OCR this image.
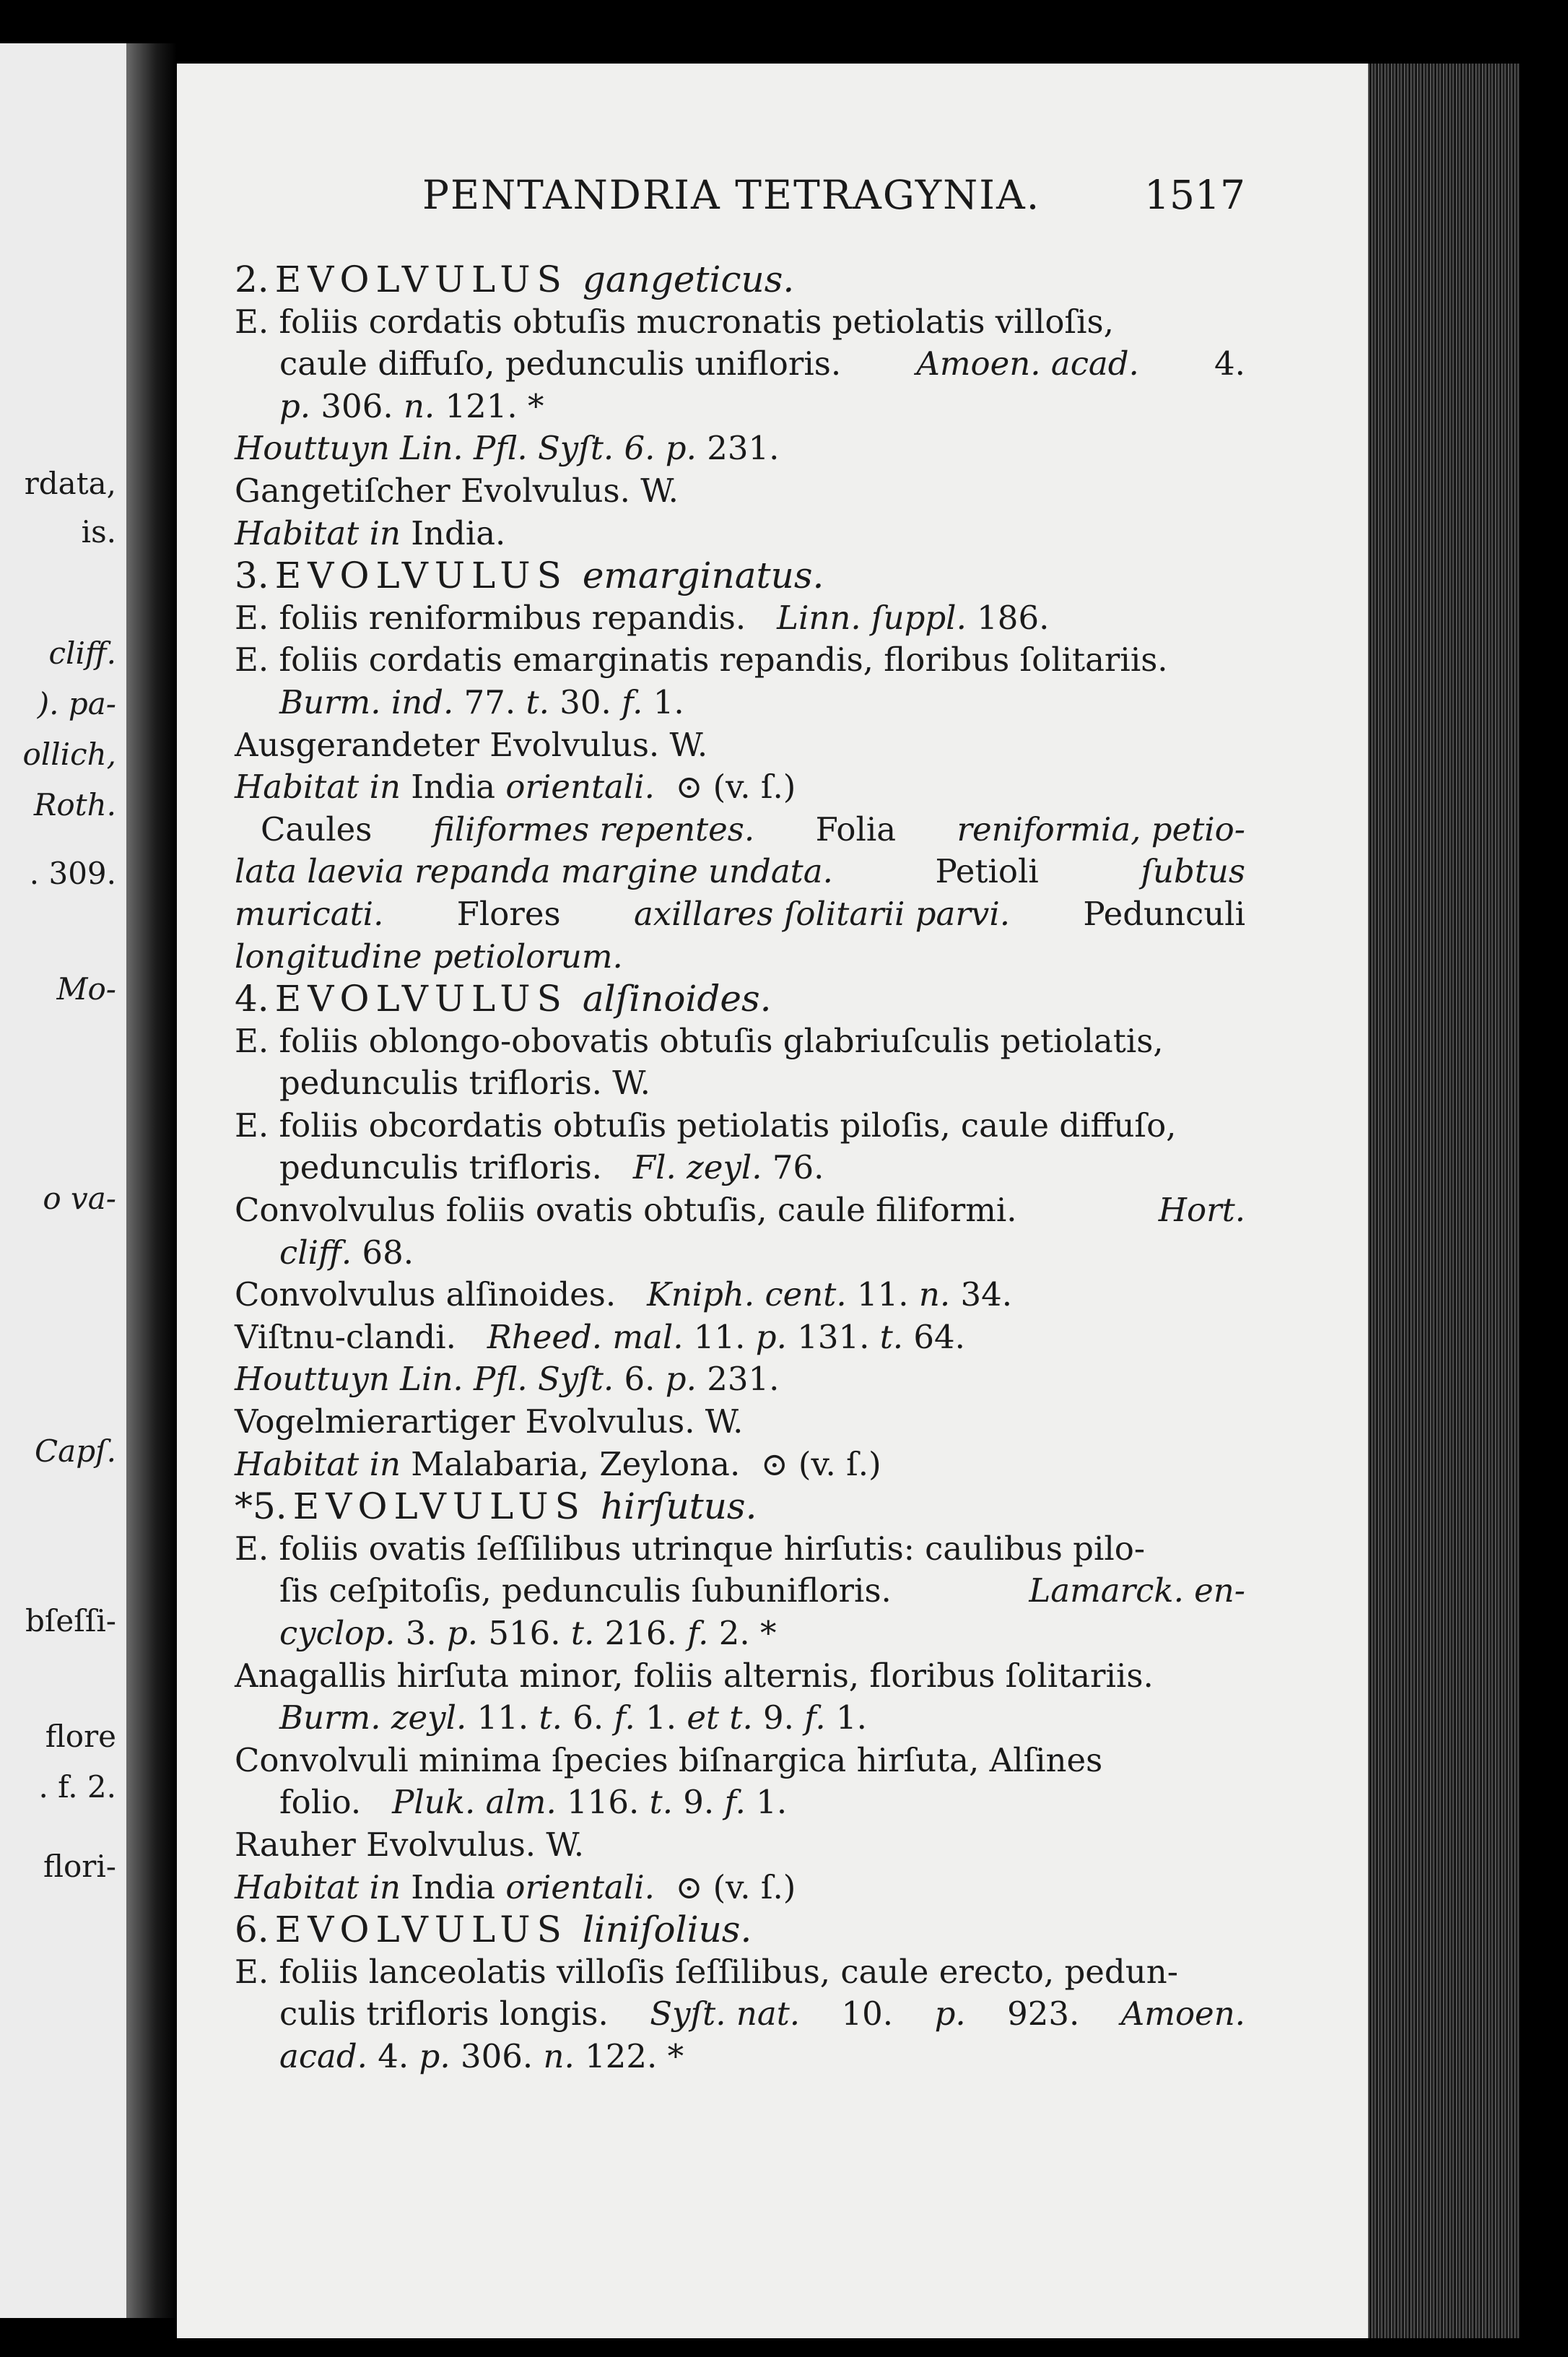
rdata,
is.
cliff.
). pa-
ollich,
Roth.
. 309.
Mo-
o va-
Capſ.
bſeſſi-
flore
. f. 2.
flori-
PENTANDRIA TETRAGYNIA.	1517
2. EVOLVULUS gangeticus.
E. foliis cordatis obtuſis mucronatis petiolatis villoſis,
caule diffuſo, pedunculis unifloris. Amoen. acad. 4.
p. 306. n. 121. *
Houttuyn Lin. Pfl. Syſt. 6. p. 231.
Gangetiſcher Evolvulus. W.
Habitat in India.
3. EVOLVULUS emarginatus.
E. foliis reniformibus repandis.   Linn. ſuppl. 186.
E. foliis cordatis emarginatis repandis, floribus ſolitariis.
Burm. ind. 77. t. 30. f. 1.
Ausgerandeter Evolvulus. W.
Habitat in India orientali.  ⊙ (v. ſ.)
Caules filiformes repentes. Folia reniformia, petio-
lata laevia repanda margine undata.	Petioli	ſubtus
muricati. Flores axillares ſolitarii parvi. Pedunculi
longitudine petiolorum.
4. EVOLVULUS alſinoides.
E. foliis oblongo-obovatis obtuſis glabriuſculis petiolatis,
pedunculis trifloris. W.
E. foliis obcordatis obtuſis petiolatis piloſis, caule diffuſo,
pedunculis trifloris.   Fl. zeyl. 76.
Convolvulus foliis ovatis obtuſis, caule filiformi.	Hort.
cliff. 68.
Convolvulus alſinoides.   Kniph. cent. 11. n. 34.
Viſtnu-clandi.   Rheed. mal. 11. p. 131. t. 64.
Houttuyn Lin. Pfl. Syſt. 6. p. 231.
Vogelmierartiger Evolvulus. W.
Habitat in Malabaria, Zeylona.  ⊙ (v. ſ.)
*5. EVOLVULUS hirſutus.
E. foliis ovatis ſeſſilibus utrinque hirſutis: caulibus pilo-
ſis ceſpitoſis, pedunculis ſubunifloris.	Lamarck. en-
cyclop. 3. p. 516. t. 216. f. 2. *
Anagallis hirſuta minor, foliis alternis, floribus ſolitariis.
Burm. zeyl. 11. t. 6. f. 1. et t. 9. f. 1.
Convolvuli minima ſpecies biſnargica hirſuta, Alſines
folio.   Pluk. alm. 116. t. 9. f. 1.
Rauher Evolvulus. W.
Habitat in India orientali.  ⊙ (v. ſ.)
6. EVOLVULUS liniſolius.
E. foliis lanceolatis villoſis ſeſſilibus, caule erecto, pedun-
culis trifloris longis. Syſt. nat. 10. p. 923. Amoen.
acad. 4. p. 306. n. 122. *
